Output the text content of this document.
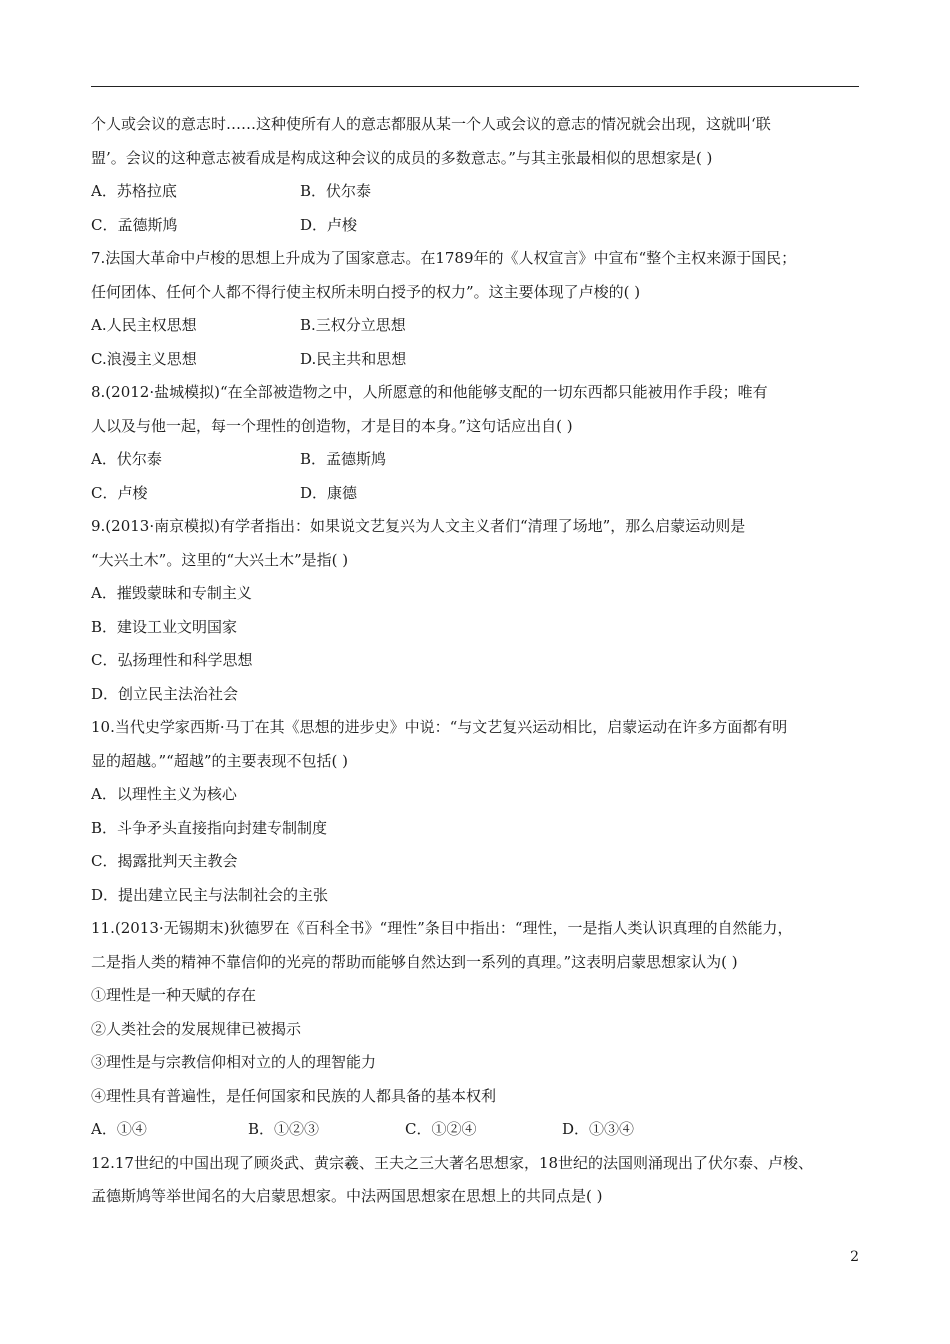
个人或会议的意志时……这种使所有人的意志都服从某一个人或会议的意志的情况就会出现，这就叫‘联
盟’。会议的这种意志被看成是构成这种会议的成员的多数意志。”与其主张最相似的思想家是( )
A．苏格拉底	B．伏尔泰
C．孟德斯鸠	D．卢梭
7.法国大革命中卢梭的思想上升成为了国家意志。在1789年的《人权宣言》中宣布“整个主权来源于国民；
任何团体、任何个人都不得行使主权所未明白授予的权力”。这主要体现了卢梭的( )
A.人民主权思想	B.三权分立思想
C.浪漫主义思想	D.民主共和思想
8.(2012·盐城模拟)“在全部被造物之中，人所愿意的和他能够支配的一切东西都只能被用作手段；唯有
人以及与他一起，每一个理性的创造物，才是目的本身。”这句话应出自( )
A．伏尔泰	B．孟德斯鸠
C．卢梭	D．康德
9.(2013·南京模拟)有学者指出：如果说文艺复兴为人文主义者们“清理了场地”，那么启蒙运动则是
“大兴土木”。这里的“大兴土木”是指( )
A．摧毁蒙昧和专制主义
B．建设工业文明国家
C．弘扬理性和科学思想
D．创立民主法治社会
10.当代史学家西斯·马丁在其《思想的进步史》中说：“与文艺复兴运动相比，启蒙运动在许多方面都有明
显的超越。”“超越”的主要表现不包括( )
A．以理性主义为核心
B．斗争矛头直接指向封建专制制度
C．揭露批判天主教会
D．提出建立民主与法制社会的主张
11.(2013·无锡期末)狄德罗在《百科全书》“理性”条目中指出：“理性，一是指人类认识真理的自然能力，
二是指人类的精神不靠信仰的光亮的帮助而能够自然达到一系列的真理。”这表明启蒙思想家认为( )
①理性是一种天赋的存在
②人类社会的发展规律已被揭示
③理性是与宗教信仰相对立的人的理智能力
④理性具有普遍性，是任何国家和民族的人都具备的基本权利
A．①④	B．①②③	C．①②④	D．①③④
12.17世纪的中国出现了顾炎武、黄宗羲、王夫之三大著名思想家，18世纪的法国则涌现出了伏尔泰、卢梭、
孟德斯鸠等举世闻名的大启蒙思想家。中法两国思想家在思想上的共同点是( )
2
